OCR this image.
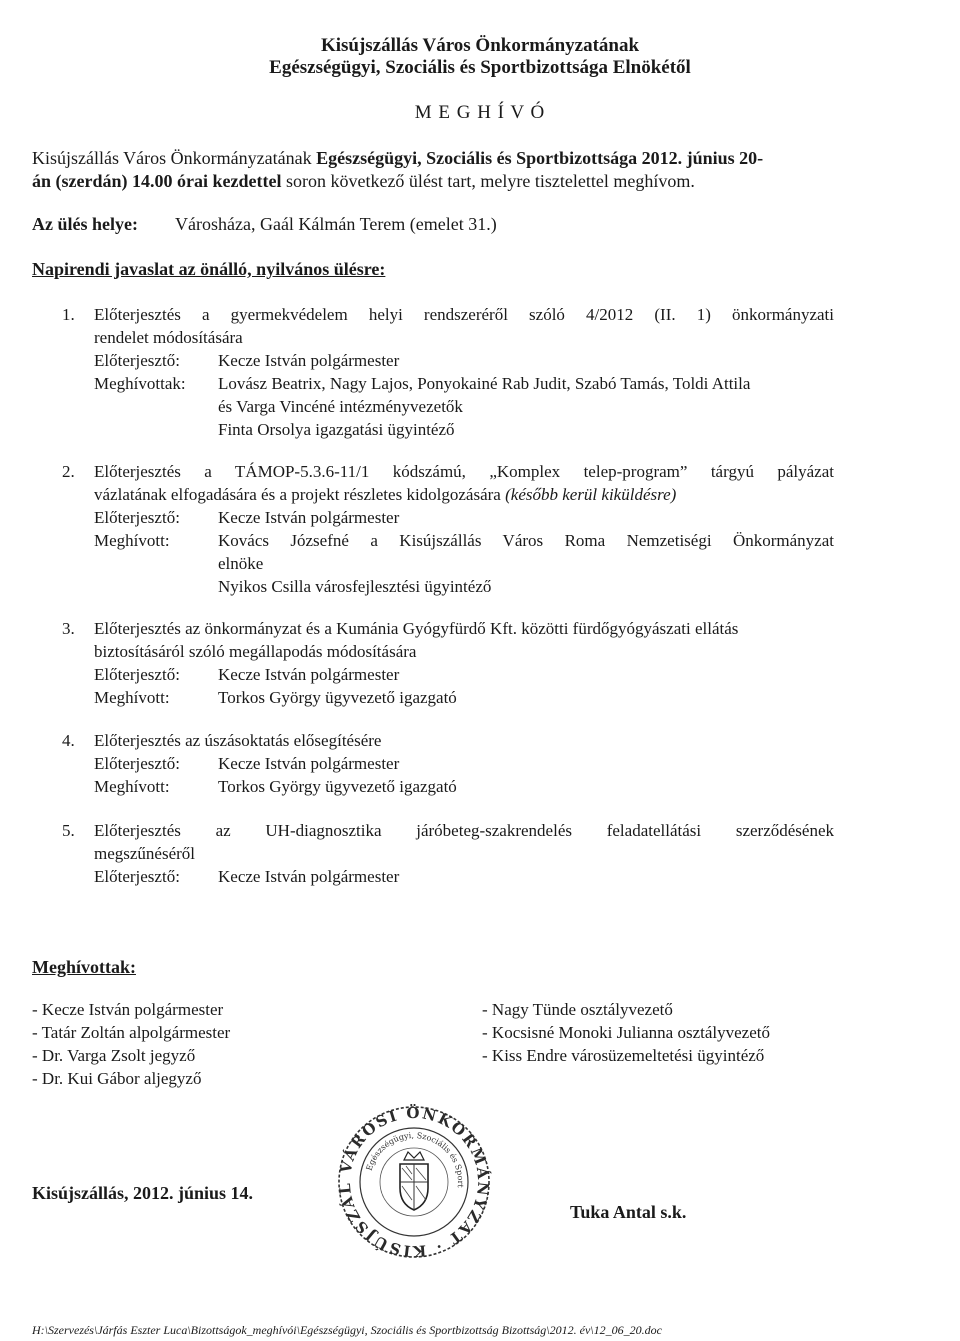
Kisújszállás Város Önkormányzatának
Egészségügyi, Szociális és Sportbizottsága Elnökétől
M E G H Í V Ó
Kisújszállás Város Önkormányzatának Egészségügyi, Szociális és Sportbizottsága 2012. június 20-
án (szerdán) 14.00 órai kezdettel soron következő ülést tart, melyre tisztelettel meghívom.
Az ülés helye: Városháza, Gaál Kálmán Terem (emelet 31.)
Napirendi javaslat az önálló, nyilvános ülésre:
1. Előterjesztés a gyermekvédelem helyi rendszeréről szóló 4/2012 (II. 1) önkormányzati
rendelet módosítására
Előterjesztő: Kecze István polgármester
Meghívottak: Lovász Beatrix, Nagy Lajos, Ponyokainé Rab Judit, Szabó Tamás, Toldi Attila
és Varga Vincéné intézményvezetők
Finta Orsolya igazgatási ügyintéző
2. Előterjesztés a TÁMOP-5.3.6-11/1 kódszámú, „Komplex telep-program” tárgyú pályázat
vázlatának elfogadására és a projekt részletes kidolgozására (később kerül kiküldésre)
Előterjesztő: Kecze István polgármester
Meghívott:	Kovács Józsefné a Kisújszállás Város Roma Nemzetiségi Önkormányzat
elnöke
Nyikos Csilla városfejlesztési ügyintéző
3. Előterjesztés az önkormányzat és a Kumánia Gyógyfürdő Kft. közötti fürdőgyógyászati ellátás
biztosításáról szóló megállapodás módosítására
Előterjesztő: Kecze István polgármester
Meghívott:	Torkos György ügyvezető igazgató
4. Előterjesztés az úszásoktatás elősegítésére
Előterjesztő: Kecze István polgármester
Meghívott:	Torkos György ügyvezető igazgató
5. Előterjesztés az UH-diagnosztika járóbeteg-szakrendelés feladatellátási szerződésének
megszűnéséről
Előterjesztő: Kecze István polgármester
Meghívottak:
- Kecze István polgármester
- Tatár Zoltán alpolgármester
- Dr. Varga Zsolt jegyző
- Dr. Kui Gábor aljegyző
- Nagy Tünde osztályvezető
- Kocsisné Monoki Julianna osztályvezető
- Kiss Endre városüzemeltetési ügyintéző
Kisújszállás, 2012. június 14.
VÁROSI ÖNKORMÁNYZAT · KISÚJSZÁL
Egészségügyi, Szociális és Sport
Tuka Antal s.k.
H:\Szervezés\Járfás Eszter Luca\Bizottságok_meghívói\Egészségügyi, Szociális és Sportbizottság Bizottság\2012. év\12_06_20.doc
